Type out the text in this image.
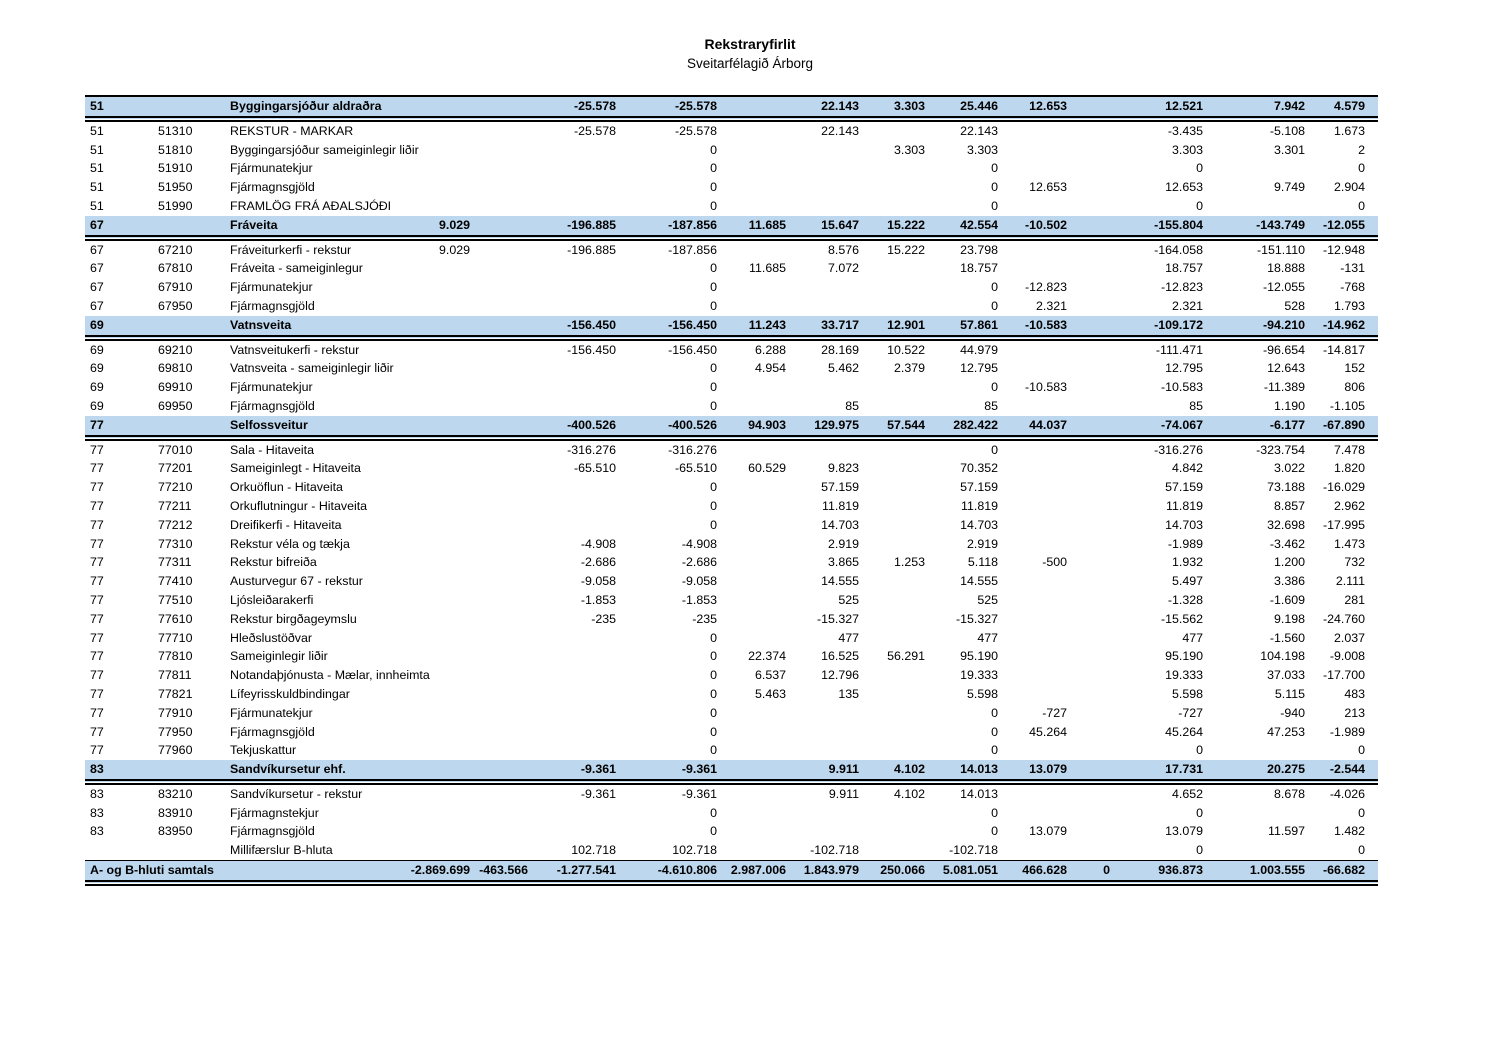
Rekstraryfirlit
Sveitarfélagið Árborg
51		Byggingarsjóður aldraðra			-25.578	-25.578		22.143	3.303	25.446	12.653		12.521	7.942	4.579
51	51310	REKSTUR - MARKAR			-25.578	-25.578		22.143		22.143			-3.435	-5.108	1.673
51	51810	Byggingarsjóður sameiginlegir liðir				0			3.303	3.303			3.303	3.301	2
51	51910	Fjármunatekjur				0				0			0		0
51	51950	Fjármagnsgjöld				0				0	12.653		12.653	9.749	2.904
51	51990	FRAMLÖG FRÁ AÐALSJÓÐI				0				0			0		0
67		Fráveita	9.029		-196.885	-187.856	11.685	15.647	15.222	42.554	-10.502		-155.804	-143.749	-12.055
67	67210	Fráveiturkerfi - rekstur	9.029		-196.885	-187.856		8.576	15.222	23.798			-164.058	-151.110	-12.948
67	67810	Fráveita - sameiginlegur				0	11.685	7.072		18.757			18.757	18.888	-131
67	67910	Fjármunatekjur				0				0	-12.823		-12.823	-12.055	-768
67	67950	Fjármagnsgjöld				0				0	2.321		2.321	528	1.793
69		Vatnsveita			-156.450	-156.450	11.243	33.717	12.901	57.861	-10.583		-109.172	-94.210	-14.962
69	69210	Vatnsveitukerfi - rekstur			-156.450	-156.450	6.288	28.169	10.522	44.979			-111.471	-96.654	-14.817
69	69810	Vatnsveita - sameiginlegir liðir				0	4.954	5.462	2.379	12.795			12.795	12.643	152
69	69910	Fjármunatekjur				0				0	-10.583		-10.583	-11.389	806
69	69950	Fjármagnsgjöld				0		85		85			85	1.190	-1.105
77		Selfossveitur			-400.526	-400.526	94.903	129.975	57.544	282.422	44.037		-74.067	-6.177	-67.890
77	77010	Sala - Hitaveita			-316.276	-316.276				0			-316.276	-323.754	7.478
77	77201	Sameiginlegt - Hitaveita			-65.510	-65.510	60.529	9.823		70.352			4.842	3.022	1.820
77	77210	Orkuöflun - Hitaveita				0		57.159		57.159			57.159	73.188	-16.029
77	77211	Orkuflutningur - Hitaveita				0		11.819		11.819			11.819	8.857	2.962
77	77212	Dreifikerfi - Hitaveita				0		14.703		14.703			14.703	32.698	-17.995
77	77310	Rekstur véla og tækja			-4.908	-4.908		2.919		2.919			-1.989	-3.462	1.473
77	77311	Rekstur bifreiða			-2.686	-2.686		3.865	1.253	5.118	-500		1.932	1.200	732
77	77410	Austurvegur 67 - rekstur			-9.058	-9.058		14.555		14.555			5.497	3.386	2.111
77	77510	Ljósleiðarakerfi			-1.853	-1.853		525		525			-1.328	-1.609	281
77	77610	Rekstur birgðageymslu			-235	-235		-15.327		-15.327			-15.562	9.198	-24.760
77	77710	Hleðslustöðvar				0		477		477			477	-1.560	2.037
77	77810	Sameiginlegir liðir				0	22.374	16.525	56.291	95.190			95.190	104.198	-9.008
77	77811	Notandaþjónusta - Mælar, innheimta				0	6.537	12.796		19.333			19.333	37.033	-17.700
77	77821	Lífeyrisskuldbindingar				0	5.463	135		5.598			5.598	5.115	483
77	77910	Fjármunatekjur				0				0	-727		-727	-940	213
77	77950	Fjármagnsgjöld				0				0	45.264		45.264	47.253	-1.989
77	77960	Tekjuskattur				0				0			0		0
83		Sandvíkursetur ehf.			-9.361	-9.361		9.911	4.102	14.013	13.079		17.731	20.275	-2.544
83	83210	Sandvíkursetur - rekstur			-9.361	-9.361		9.911	4.102	14.013			4.652	8.678	-4.026
83	83910	Fjármagnstekjur				0				0			0		0
83	83950	Fjármagnsgjöld				0				0	13.079		13.079	11.597	1.482
		Millifærslur B-hluta			102.718	102.718		-102.718		-102.718			0		0
A- og B-hluti samtals			-2.869.699	-463.566	-1.277.541	-4.610.806	2.987.006	1.843.979	250.066	5.081.051	466.628	0	936.873	1.003.555	-66.682
